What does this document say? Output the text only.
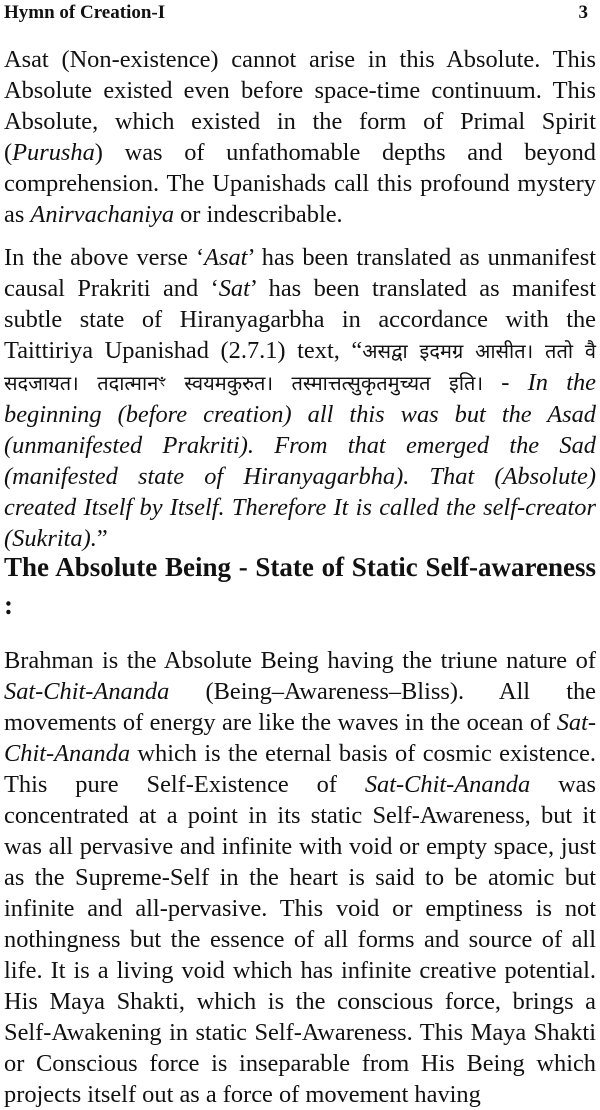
Hymn of Creation-I	3

Asat (Non-existence) cannot arise in this Absolute. This Absolute existed even before space-time continuum. This Absolute, which existed in the form of Primal Spirit (Purusha) was of unfathomable depths and beyond comprehension. The Upanishads call this profound mystery as Anirvachaniya or indescribable.

In the above verse ‘Asat’ has been translated as unmanifest causal Prakriti and ‘Sat’ has been translated as manifest subtle state of Hiranyagarbha in accordance with the Taittiriya Upanishad (2.7.1) text, “असद्वा इदमग्र आसीत। ततो वै सदजायत। तदात्मानꣳ स्वयमकुरुत। तस्मात्तत्सुकृतमुच्यत इति। - In the beginning (before creation) all this was but the Asad (unmanifested Prakriti). From that emerged the Sad (manifested state of Hiranyagarbha). That (Absolute) created Itself by Itself. Therefore It is called the self-creator (Sukrita).”

The Absolute Being - State of Static Self-awareness :

Brahman is the Absolute Being having the triune nature of Sat-Chit-Ananda (Being–Awareness–Bliss). All the movements of energy are like the waves in the ocean of Sat-Chit-Ananda which is the eternal basis of cosmic existence. This pure Self-Existence of Sat-Chit-Ananda was concentrated at a point in its static Self-Awareness, but it was all pervasive and infinite with void or empty space, just as the Supreme-Self in the heart is said to be atomic but infinite and all-pervasive. This void or emptiness is not nothingness but the essence of all forms and source of all life. It is a living void which has infinite creative potential. His Maya Shakti, which is the conscious force, brings a Self-Awakening in static Self-Awareness. This Maya Shakti or Conscious force is inseparable from His Being which projects itself out as a force of movement having
